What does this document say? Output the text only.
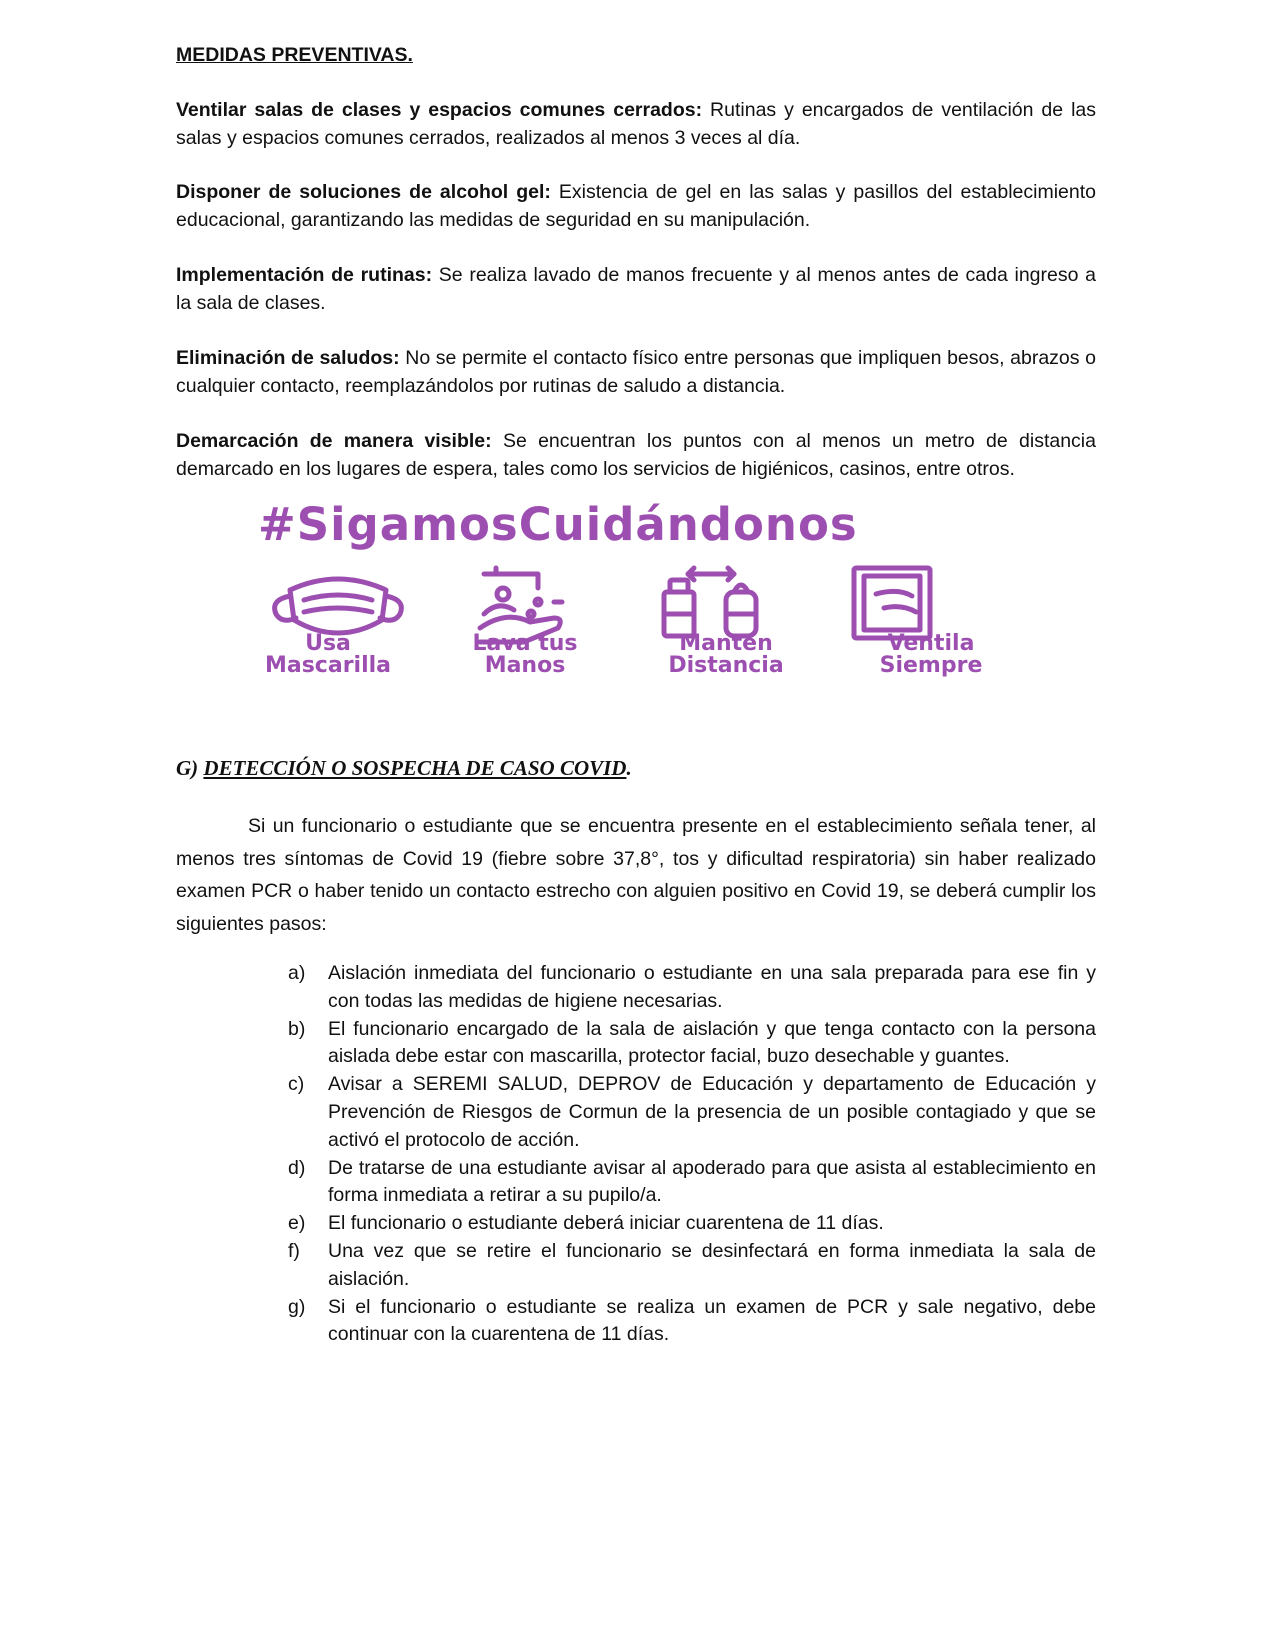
MEDIDAS PREVENTIVAS.
Ventilar salas de clases y espacios comunes cerrados: Rutinas y encargados de ventilación de las salas y espacios comunes cerrados, realizados al menos 3 veces al día.
Disponer de soluciones de alcohol gel: Existencia de gel en las salas y pasillos del establecimiento educacional, garantizando las medidas de seguridad en su manipulación.
Implementación de rutinas: Se realiza lavado de manos frecuente y al menos antes de cada ingreso a la sala de clases.
Eliminación de saludos: No se permite el contacto físico entre personas que impliquen besos, abrazos o cualquier contacto, reemplazándolos por rutinas de saludo a distancia.
Demarcación de manera visible: Se encuentran los puntos con al menos un metro de distancia demarcado en los lugares de espera, tales como los servicios de higiénicos, casinos, entre otros.
#SigamosCuidándonos
Usa
Mascarilla
Lava tus
Manos
Mantén
Distancia
Ventila
Siempre
G) DETECCIÓN O SOSPECHA DE CASO COVID.
Si un funcionario o estudiante que se encuentra presente en el establecimiento señala tener, al menos tres síntomas de Covid 19 (fiebre sobre 37,8°, tos y dificultad respiratoria) sin haber realizado examen PCR o haber tenido un contacto estrecho con alguien positivo en Covid 19, se deberá cumplir los siguientes pasos:
a) Aislación inmediata del funcionario o estudiante en una sala preparada para ese fin y con todas las medidas de higiene necesarias.
b) El funcionario encargado de la sala de aislación y que tenga contacto con la persona aislada debe estar con mascarilla, protector facial, buzo desechable y guantes.
c) Avisar a SEREMI SALUD, DEPROV de Educación y departamento de Educación y Prevención de Riesgos de Cormun de la presencia de un posible contagiado y que se activó el protocolo de acción.
d) De tratarse de una estudiante avisar al apoderado para que asista al establecimiento en forma inmediata a retirar a su pupilo/a.
e) El funcionario o estudiante deberá iniciar cuarentena de 11 días.
f) Una vez que se retire el funcionario se desinfectará en forma inmediata la sala de aislación.
g) Si el funcionario o estudiante se realiza un examen de PCR y sale negativo, debe continuar con la cuarentena de 11 días.
